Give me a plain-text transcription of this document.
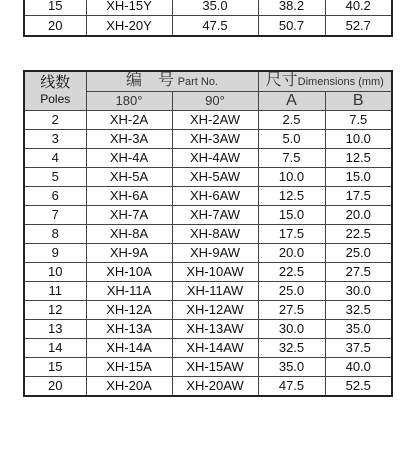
15	XH-15Y	35.0	38.2	40.2
20	XH-20Y	47.5	50.7	52.7
线数
Poles	编　号 Part No.		尺寸Dimensions (mm)	
	180°	90°	A	B
2	XH-2A	XH-2AW	2.5	7.5
3	XH-3A	XH-3AW	5.0	10.0
4	XH-4A	XH-4AW	7.5	12.5
5	XH-5A	XH-5AW	10.0	15.0
6	XH-6A	XH-6AW	12.5	17.5
7	XH-7A	XH-7AW	15.0	20.0
8	XH-8A	XH-8AW	17.5	22.5
9	XH-9A	XH-9AW	20.0	25.0
10	XH-10A	XH-10AW	22.5	27.5
11	XH-11A	XH-11AW	25.0	30.0
12	XH-12A	XH-12AW	27.5	32.5
13	XH-13A	XH-13AW	30.0	35.0
14	XH-14A	XH-14AW	32.5	37.5
15	XH-15A	XH-15AW	35.0	40.0
20	XH-20A	XH-20AW	47.5	52.5
